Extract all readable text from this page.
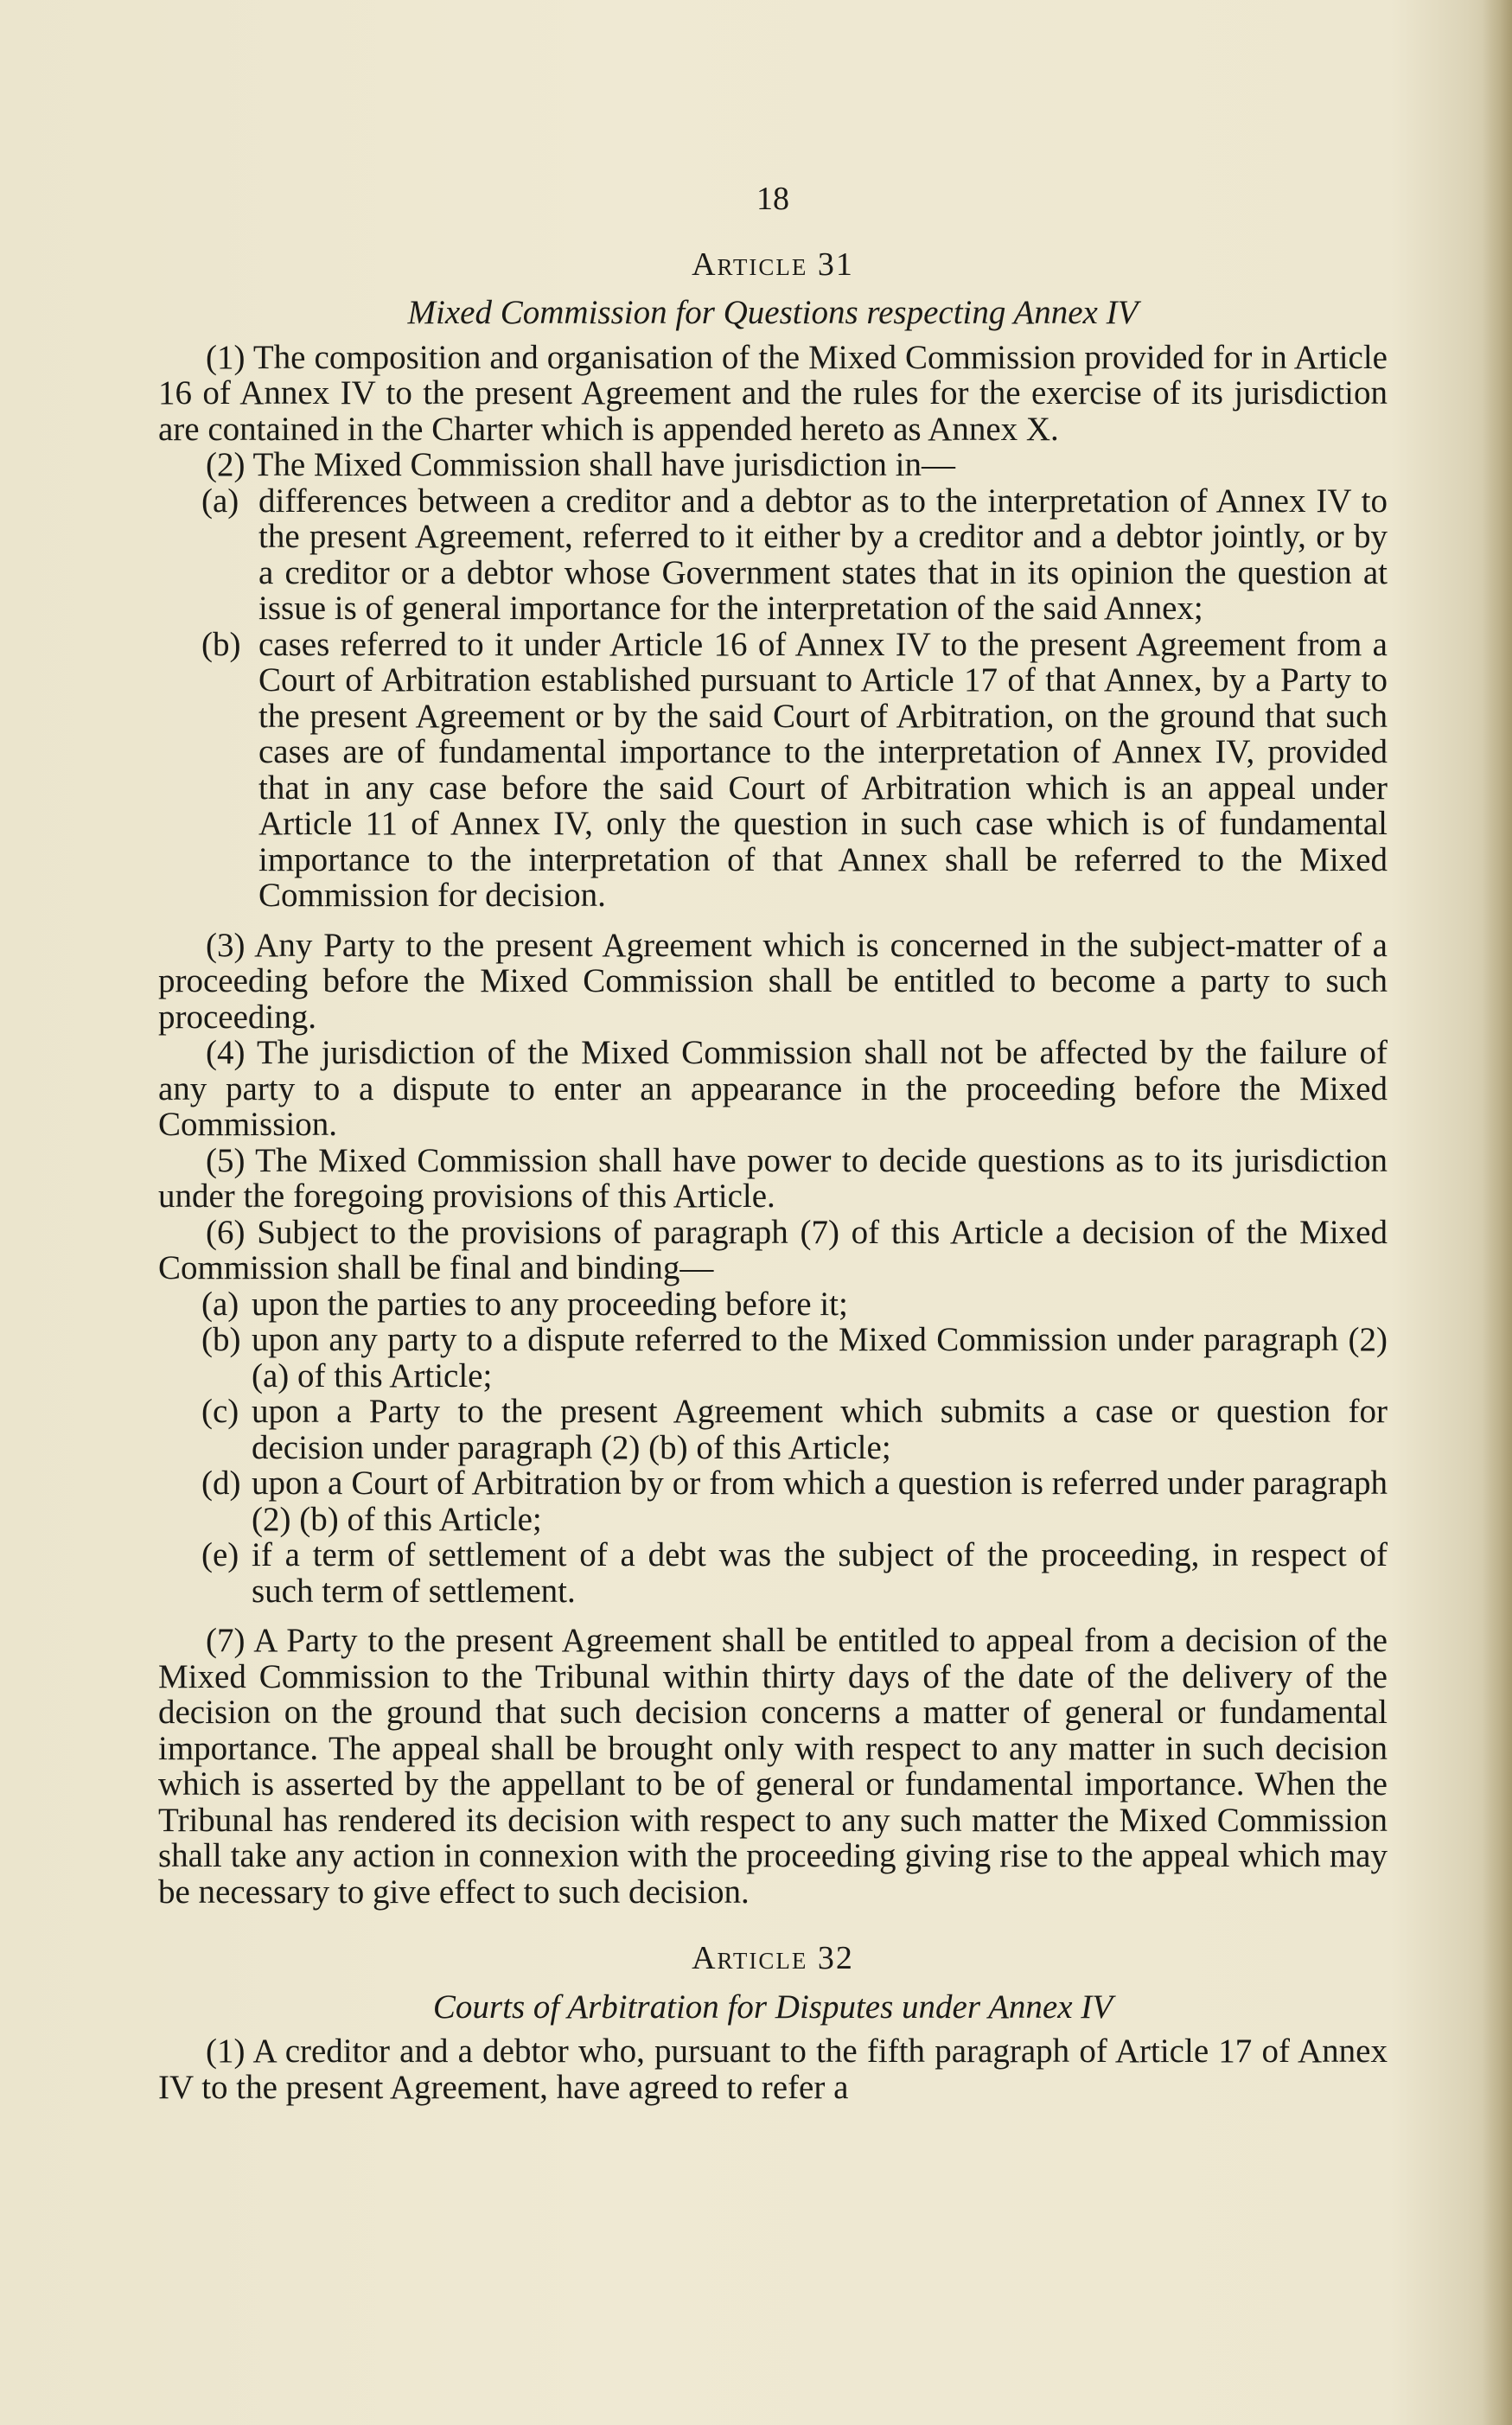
18
Article 31
Mixed Commission for Questions respecting Annex IV

(1) The composition and organisation of the Mixed Commission provided for in Article 16 of Annex IV to the present Agreement and the rules for the exercise of its jurisdiction are contained in the Charter which is appended hereto as Annex X.

(2) The Mixed Commission shall have jurisdiction in—

(a) differences between a creditor and a debtor as to the interpretation of Annex IV to the present Agreement, referred to it either by a creditor and a debtor jointly, or by a creditor or a debtor whose Government states that in its opinion the question at issue is of general importance for the interpretation of the said Annex;
(b) cases referred to it under Article 16 of Annex IV to the present Agreement from a Court of Arbitration established pursuant to Article 17 of that Annex, by a Party to the present Agreement or by the said Court of Arbitration, on the ground that such cases are of fundamental importance to the interpretation of Annex IV, provided that in any case before the said Court of Arbitration which is an appeal under Article 11 of Annex IV, only the question in such case which is of fundamental importance to the interpretation of that Annex shall be referred to the Mixed Commission for decision.

(3) Any Party to the present Agreement which is concerned in the subject-matter of a proceeding before the Mixed Commission shall be entitled to become a party to such proceeding.

(4) The jurisdiction of the Mixed Commission shall not be affected by the failure of any party to a dispute to enter an appearance in the proceeding before the Mixed Commission.

(5) The Mixed Commission shall have power to decide questions as to its jurisdiction under the foregoing provisions of this Article.

(6) Subject to the provisions of paragraph (7) of this Article a decision of the Mixed Commission shall be final and binding—

(a) upon the parties to any proceeding before it;
(b) upon any party to a dispute referred to the Mixed Commission under paragraph (2) (a) of this Article;
(c) upon a Party to the present Agreement which submits a case or question for decision under paragraph (2) (b) of this Article;
(d) upon a Court of Arbitration by or from which a question is referred under paragraph (2) (b) of this Article;
(e) if a term of settlement of a debt was the subject of the proceeding, in respect of such term of settlement.

(7) A Party to the present Agreement shall be entitled to appeal from a decision of the Mixed Commission to the Tribunal within thirty days of the date of the delivery of the decision on the ground that such decision concerns a matter of general or fundamental importance. The appeal shall be brought only with respect to any matter in such decision which is asserted by the appellant to be of general or fundamental importance. When the Tribunal has rendered its decision with respect to any such matter the Mixed Commission shall take any action in connexion with the proceeding giving rise to the appeal which may be necessary to give effect to such decision.

Article 32
Courts of Arbitration for Disputes under Annex IV

(1) A creditor and a debtor who, pursuant to the fifth paragraph of Article 17 of Annex IV to the present Agreement, have agreed to refer a
